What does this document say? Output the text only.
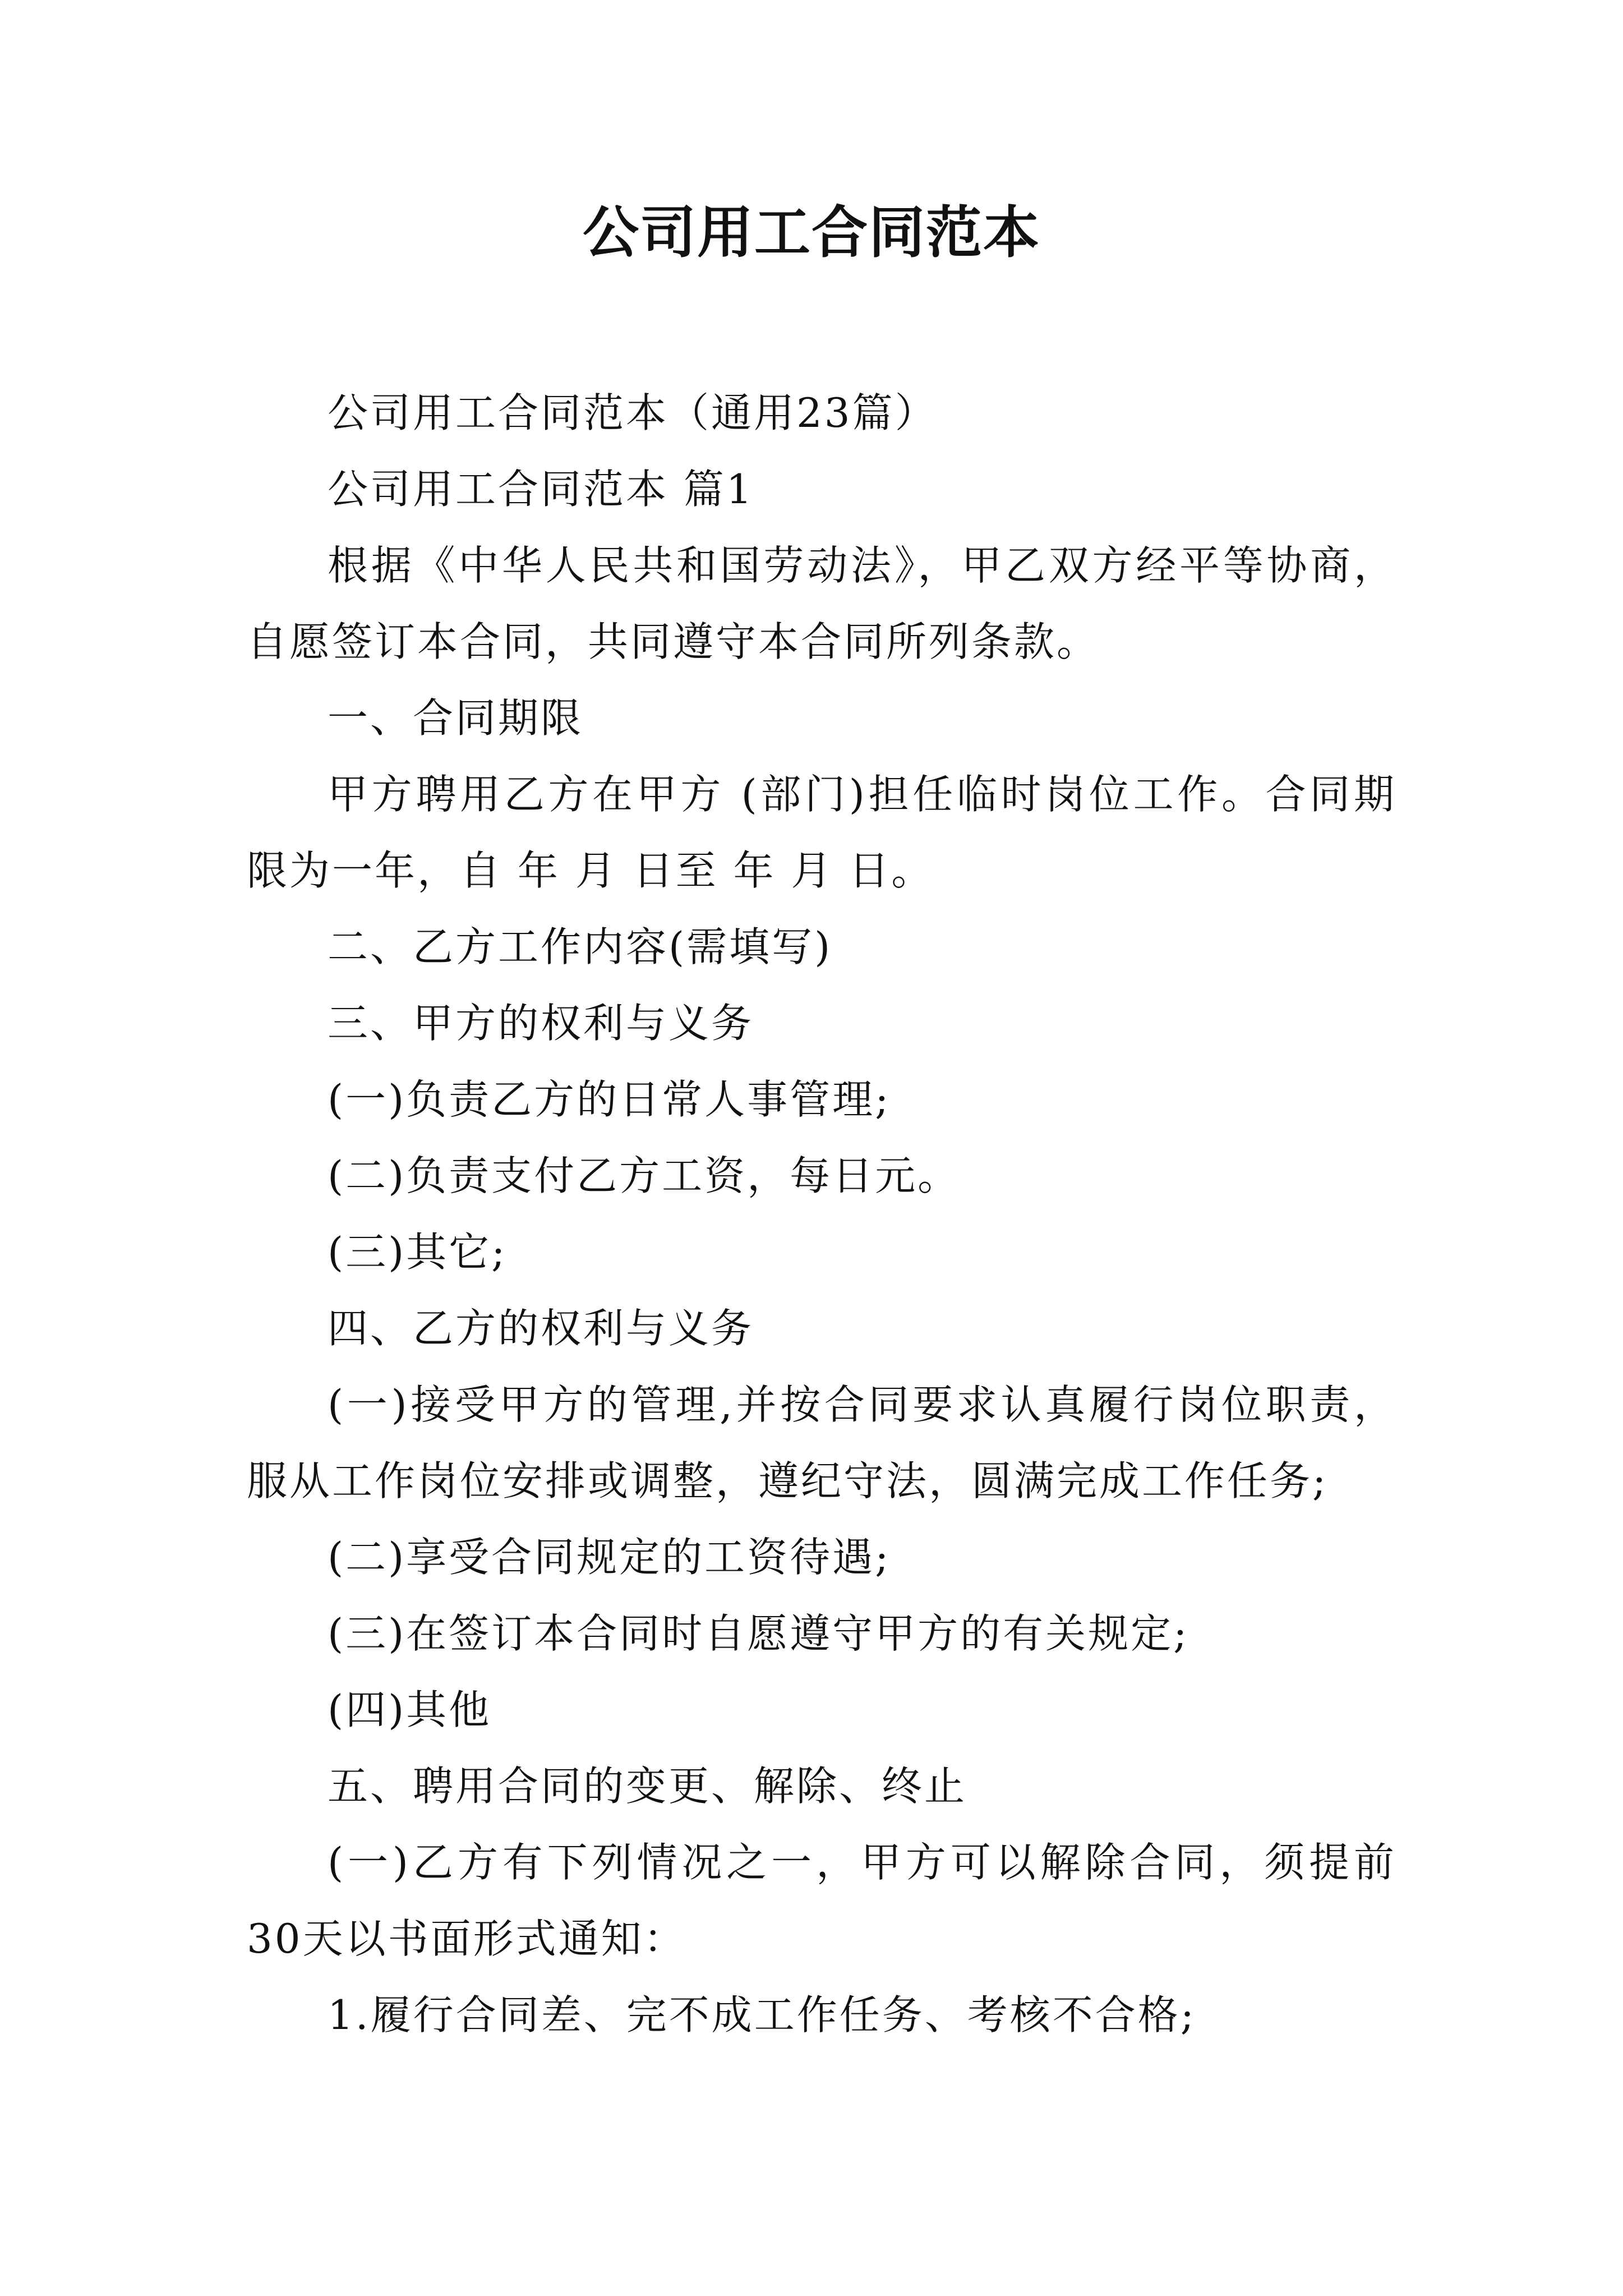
公司用工合同范本

公司用工合同范本（通用23篇）

公司用工合同范本 篇1

根据《中华人民共和国劳动法》，甲乙双方经平等协商，自愿签订本合同，共同遵守本合同所列条款。

一、合同期限

甲方聘用乙方在甲方 (部门)担任临时岗位工作。合同期限为一年，自 年 月 日至 年 月 日。

二、乙方工作内容(需填写)

三、甲方的权利与义务

(一)负责乙方的日常人事管理;

(二)负责支付乙方工资，每日元。

(三)其它;

四、乙方的权利与义务

(一)接受甲方的管理,并按合同要求认真履行岗位职责，服从工作岗位安排或调整，遵纪守法，圆满完成工作任务;

(二)享受合同规定的工资待遇;

(三)在签订本合同时自愿遵守甲方的有关规定;

(四)其他

五、聘用合同的变更、解除、终止

(一)乙方有下列情况之一，甲方可以解除合同，须提前30天以书面形式通知：

1.履行合同差、完不成工作任务、考核不合格;
